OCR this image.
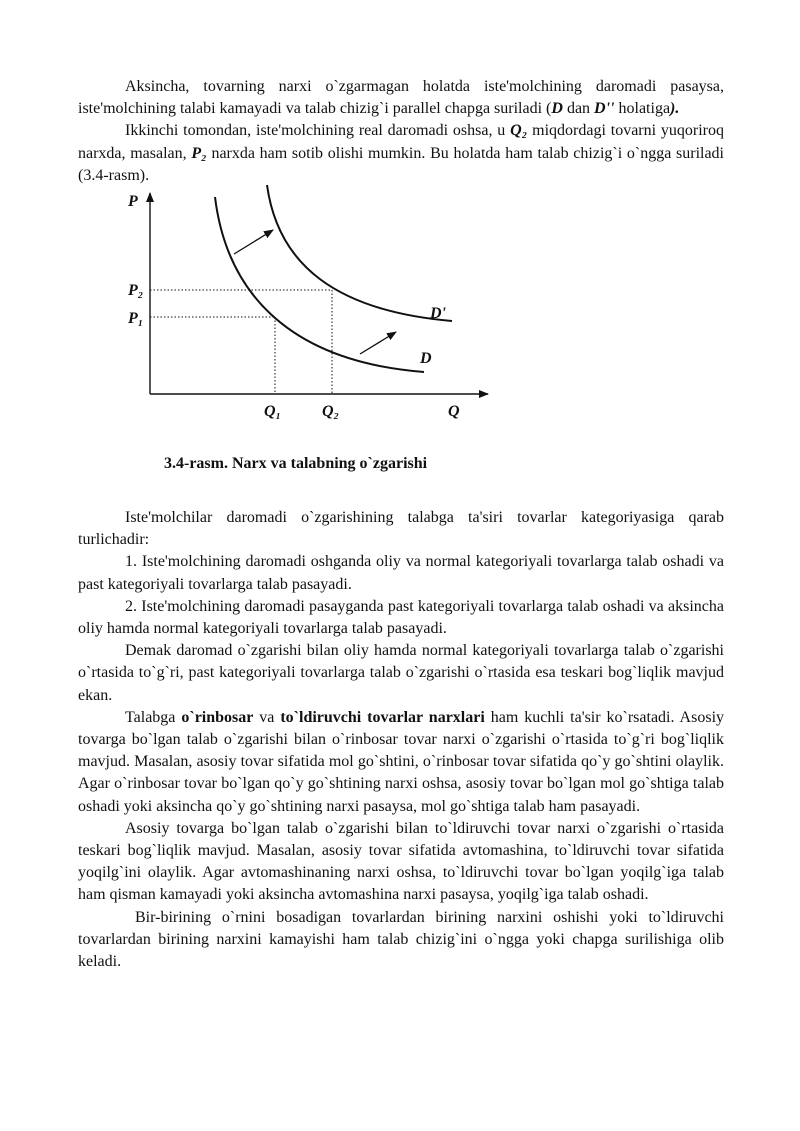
Aksincha, tovarning narxi o`zgarmagan holatda iste'molchining daromadi pasaysa, iste'molchining talabi kamayadi va talab chizig`i parallel chapga suriladi (D dan D'' holatiga).

Ikkinchi tomondan, iste'molchining real daromadi oshsa, u Q₂ miqdordagi tovarni yuqoriroq narxda, masalan, P₂ narxda ham sotib olishi mumkin. Bu holatda ham talab chizig`i o`ngga suriladi (3.4-rasm).

P
P₂
P₁
Q₁	Q₂	Q
D'
D
3.4-rasm. Narx va talabning o`zgarishi

Iste'molchilar daromadi o`zgarishining talabga ta'siri tovarlar kategoriyasiga qarab turlichadir:

1. Iste'molchining daromadi oshganda oliy va normal kategoriyali tovarlarga talab oshadi va past kategoriyali tovarlarga talab pasayadi.

2. Iste'molchining daromadi pasayganda past kategoriyali tovarlarga talab oshadi va aksincha oliy hamda normal kategoriyali tovarlarga talab pasayadi.

Demak daromad o`zgarishi bilan oliy hamda normal kategoriyali tovarlarga talab o`zgarishi o`rtasida to`g`ri, past kategoriyali tovarlarga talab o`zgarishi o`rtasida esa teskari bog`liqlik mavjud ekan.

Talabga o`rinbosar va to`ldiruvchi tovarlar narxlari ham kuchli ta'sir ko`rsatadi. Asosiy tovarga bo`lgan talab o`zgarishi bilan o`rinbosar tovar narxi o`zgarishi o`rtasida to`g`ri bog`liqlik mavjud. Masalan, asosiy tovar sifatida mol go`shtini, o`rinbosar tovar sifatida qo`y go`shtini olaylik. Agar o`rinbosar tovar bo`lgan qo`y go`shtining narxi oshsa, asosiy tovar bo`lgan mol go`shtiga talab oshadi yoki aksincha qo`y go`shtining narxi pasaysa, mol go`shtiga talab ham pasayadi.

Asosiy tovarga bo`lgan talab o`zgarishi bilan to`ldiruvchi tovar narxi o`zgarishi o`rtasida teskari bog`liqlik mavjud. Masalan, asosiy tovar sifatida avtomashina, to`ldiruvchi tovar sifatida yoqilg`ini olaylik. Agar avtomashinaning narxi oshsa, to`ldiruvchi tovar bo`lgan yoqilg`iga talab ham qisman kamayadi yoki aksincha avtomashina narxi pasaysa, yoqilg`iga talab oshadi.

Bir-birining o`rnini bosadigan tovarlardan birining narxini oshishi yoki to`ldiruvchi tovarlardan birining narxini kamayishi ham talab chizig`ini o`ngga yoki chapga surilishiga olib keladi.
